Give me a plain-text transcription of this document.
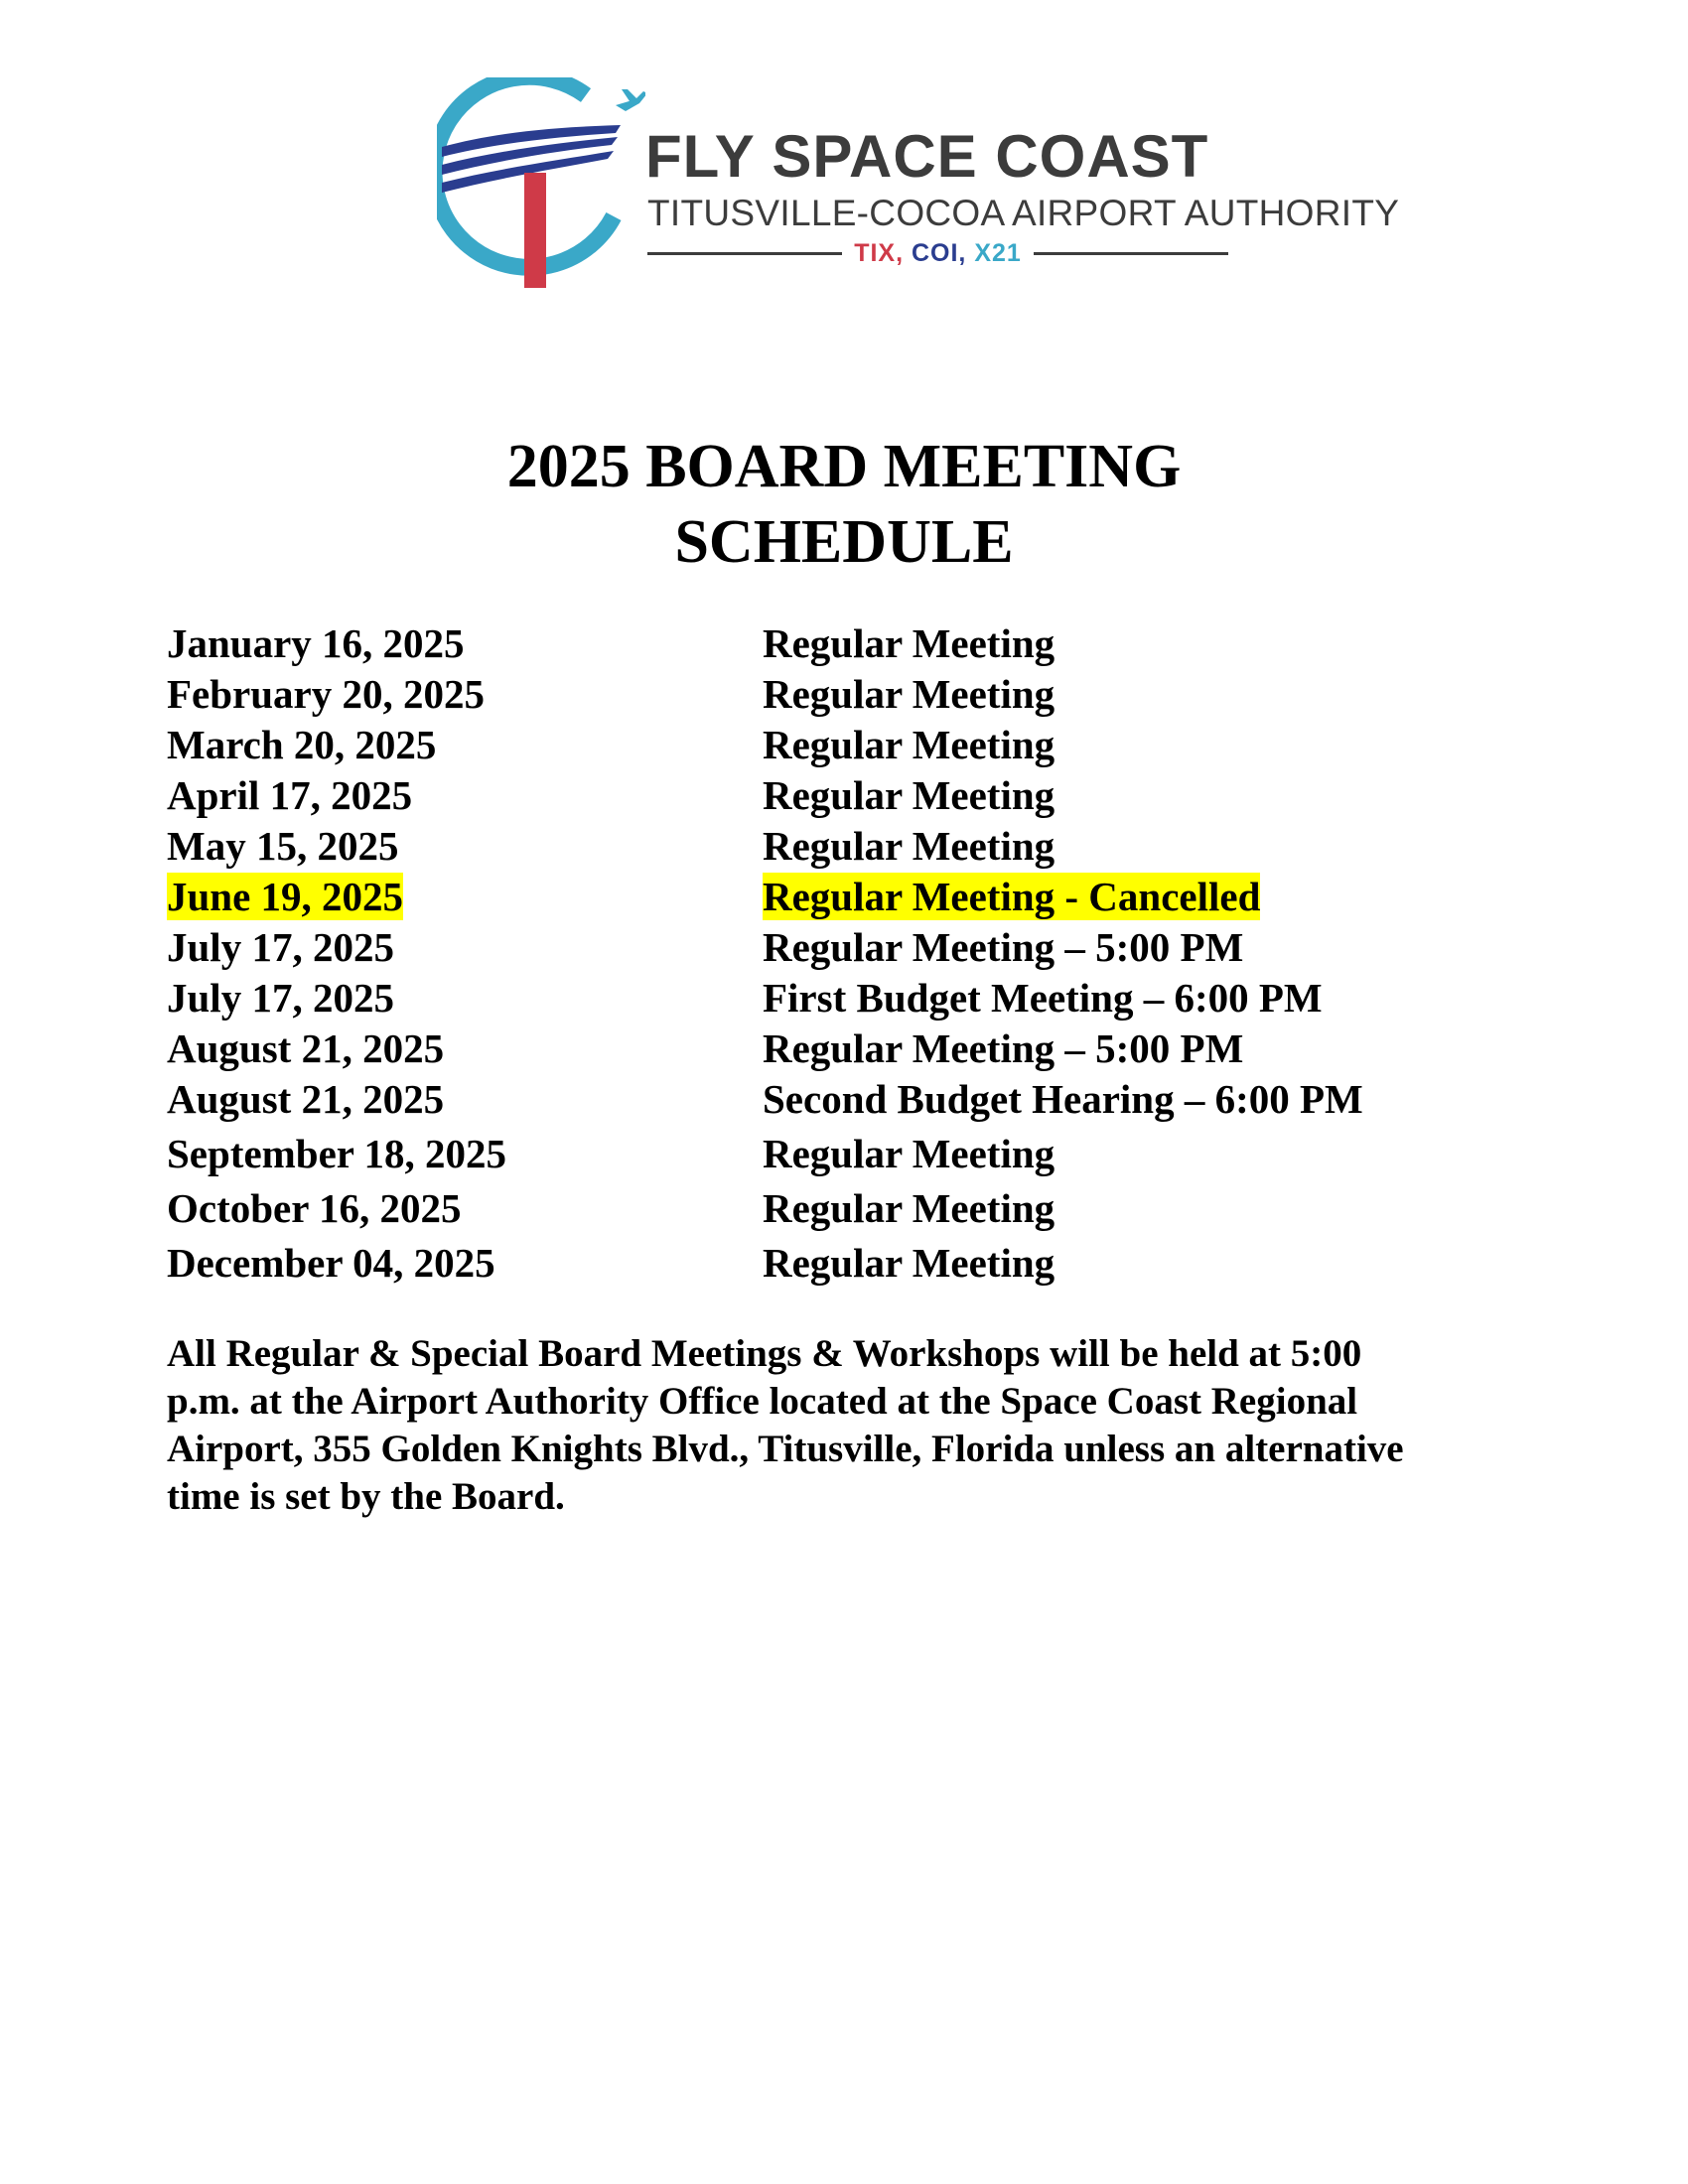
FLY SPACE COAST
TITUSVILLE-COCOA AIRPORT AUTHORITY
TIX, COI, X21
2025 BOARD MEETING
SCHEDULE
January 16, 2025	Regular Meeting
February 20, 2025	Regular Meeting
March 20, 2025	Regular Meeting
April 17, 2025	Regular Meeting
May 15, 2025	Regular Meeting
June 19, 2025	Regular Meeting - Cancelled
July 17, 2025	Regular Meeting – 5:00 PM
July 17, 2025	First Budget Meeting – 6:00 PM
August 21, 2025	Regular Meeting – 5:00 PM
August 21, 2025	Second Budget Hearing – 6:00 PM
September 18, 2025	Regular Meeting
October 16, 2025	Regular Meeting
December 04, 2025	Regular Meeting
All Regular & Special Board Meetings & Workshops will be held at 5:00
p.m. at the Airport Authority Office located at the Space Coast Regional
Airport, 355 Golden Knights Blvd., Titusville, Florida unless an alternative
time is set by the Board.
